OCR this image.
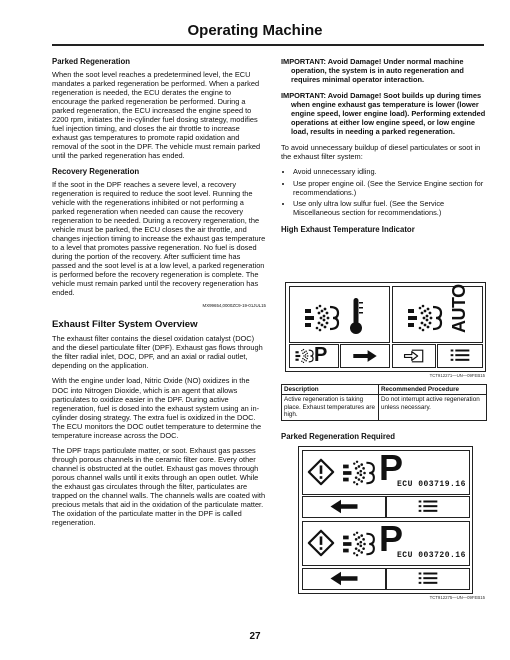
Operating Machine
Parked Regeneration

When the soot level reaches a predetermined level, the ECU mandates a parked regeneration be performed. When a parked regeneration is needed, the ECU derates the engine to encourage the parked regeneration be performed. During a parked regeneration, the ECU increased the engine speed to 2200 rpm, initiates the in-cylinder fuel dosing strategy, modifies fuel injection timing, and closes the air throttle to increase exhaust gas temperatures to promote rapid oxidation and removal of the soot in the DPF. The vehicle must remain parked until the parked regeneration has ended.

Recovery Regeneration

If the soot in the DPF reaches a severe level, a recovery regeneration is required to reduce the soot level. Running the vehicle with the regenerations inhibited or not performing a parked regeneration when needed can cause the recovery regeneration to be needed. During a recovery regeneration, the vehicle must be parked, the ECU closes the air throttle, and changes injection timing to increase the exhaust gas temperature to a level that promotes passive regeneration. No fuel is dosed during the portion of the recovery. After sufficient time has passed and the soot level is at a low level, a parked regeneration is performed before the recovery regeneration is complete. The vehicle must remain parked until the recovery regeneration has ended.

MX99654,0000ZC9-19-01JUL15
Exhaust Filter System Overview

The exhaust filter contains the diesel oxidation catalyst (DOC) and the diesel particulate filter (DPF). Exhaust gas flows through the filter radial inlet, DOC, DPF, and an axial or radial outlet, depending on the application.

With the engine under load, Nitric Oxide (NO) oxidizes in the DOC into Nitrogen Dioxide, which is an agent that allows particulates to oxidize easier in the DPF. During active regeneration, fuel is dosed into the exhaust system using an in-cylinder dosing strategy. The extra fuel is oxidized in the DOC. The ECU monitors the DOC outlet temperature to determine the temperature increase across the DOC.

The DPF traps particulate matter, or soot. Exhaust gas passes through porous channels in the ceramic filter core. Every other channel is obstructed at the outlet. Exhaust gas moves through porous channel walls until it exits through an open outlet. While the exhaust gas circulates through the filter, particulates are trapped on the channel walls. The channels walls are coated with precious metals that aid in the oxidation of the particulate matter. The oxidation of the particulate matter in the DPF is called regeneration.

IMPORTANT: Avoid Damage! Under normal machine operation, the system is in auto regeneration and requires minimal operator interaction.
IMPORTANT: Avoid Damage! Soot builds up during times when engine exhaust gas temperature is lower (lower engine speed, lower engine load). Performing extended operations at either low engine speed, or low engine load, results in needing a parked regeneration.

To avoid unnecessary buildup of diesel particulates or soot in the exhaust filter system:

• Avoid unnecessary idling.
• Use proper engine oil. (See the Service Engine section for recommendations.)
• Use only ultra low sulfur fuel. (See the Service Miscellaneous section for recommendations.)
High Exhaust Temperature Indicator
AUTO
P
TCT912271—UN—09FEB15
Description	Recommended Procedure
Active regeneration is taking place. Exhaust temperatures are high.	Do not interrupt active regeneration unless necessary.
Parked Regeneration Required
P
ECU 003719.16
P
ECU 003720.16
TCT912275—UN—09FEB15
27
